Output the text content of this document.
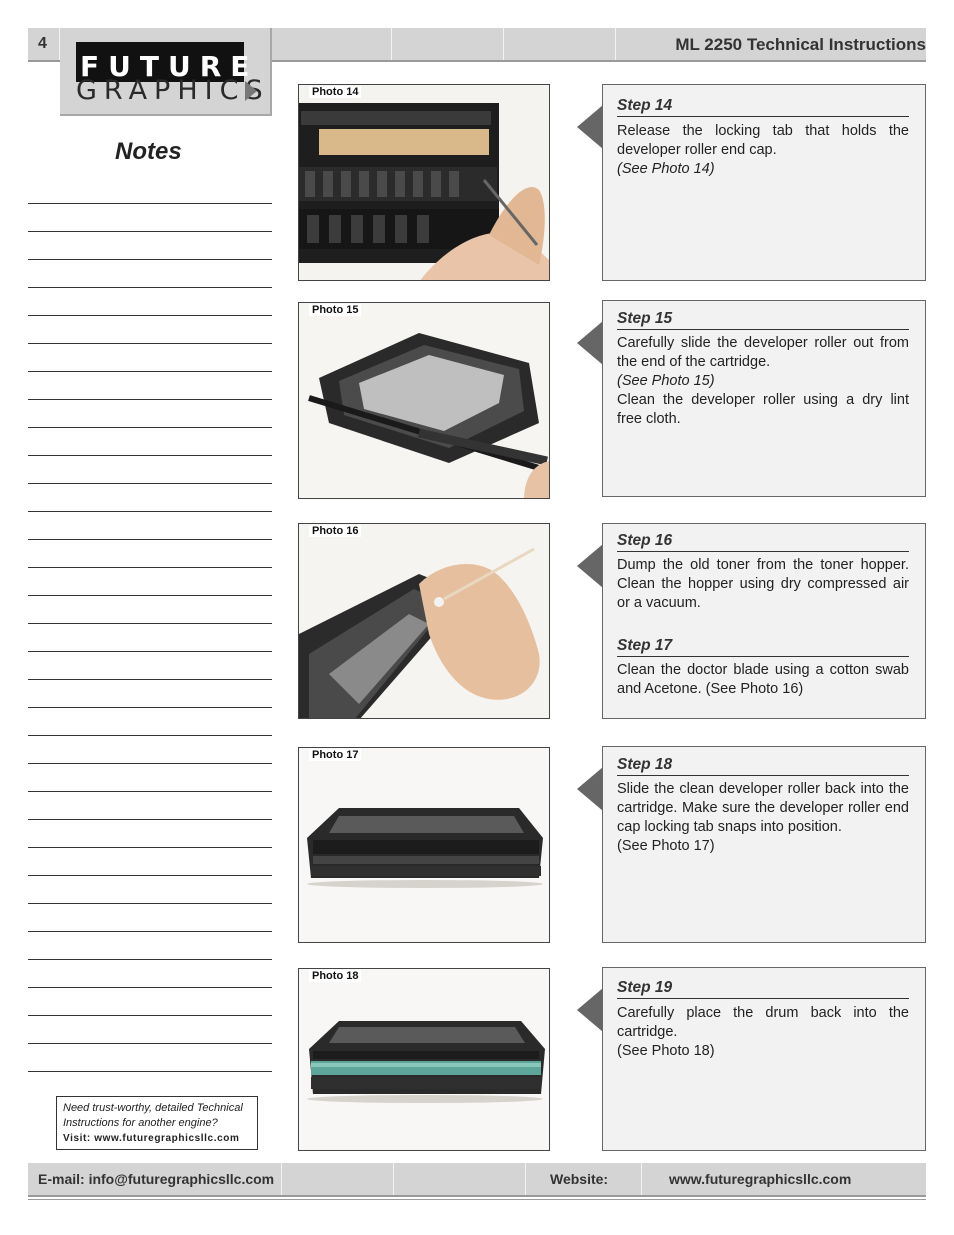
4	ML 2250 Technical Instructions
FUTURE
GRAPHICS
Notes
Need trust-worthy, detailed Technical
Instructions for another engine?
Visit: www.futuregraphicsllc.com
Photo 14
Photo 15
Photo 16
Photo 17
Photo 18
Step 14
Release the locking tab that holds the developer roller end cap.
(See Photo 14)
Step 15
Carefully slide the developer roller out from the end of the cartridge.
(See Photo 15)
Clean the developer roller using a dry lint free cloth.
Step 16
Dump the old toner from the toner hopper. Clean the hopper using dry compressed air or a vacuum.
Step 17
Clean the doctor blade using a cotton swab and Acetone. (See Photo 16)
Step 18
Slide the clean developer roller back into the cartridge. Make sure the developer roller end cap locking tab snaps into position.
(See Photo 17)
Step 19
Carefully place the drum back into the cartridge.
(See Photo 18)
E-mail: info@futuregraphicsllc.com	Website:	www.futuregraphicsllc.com
